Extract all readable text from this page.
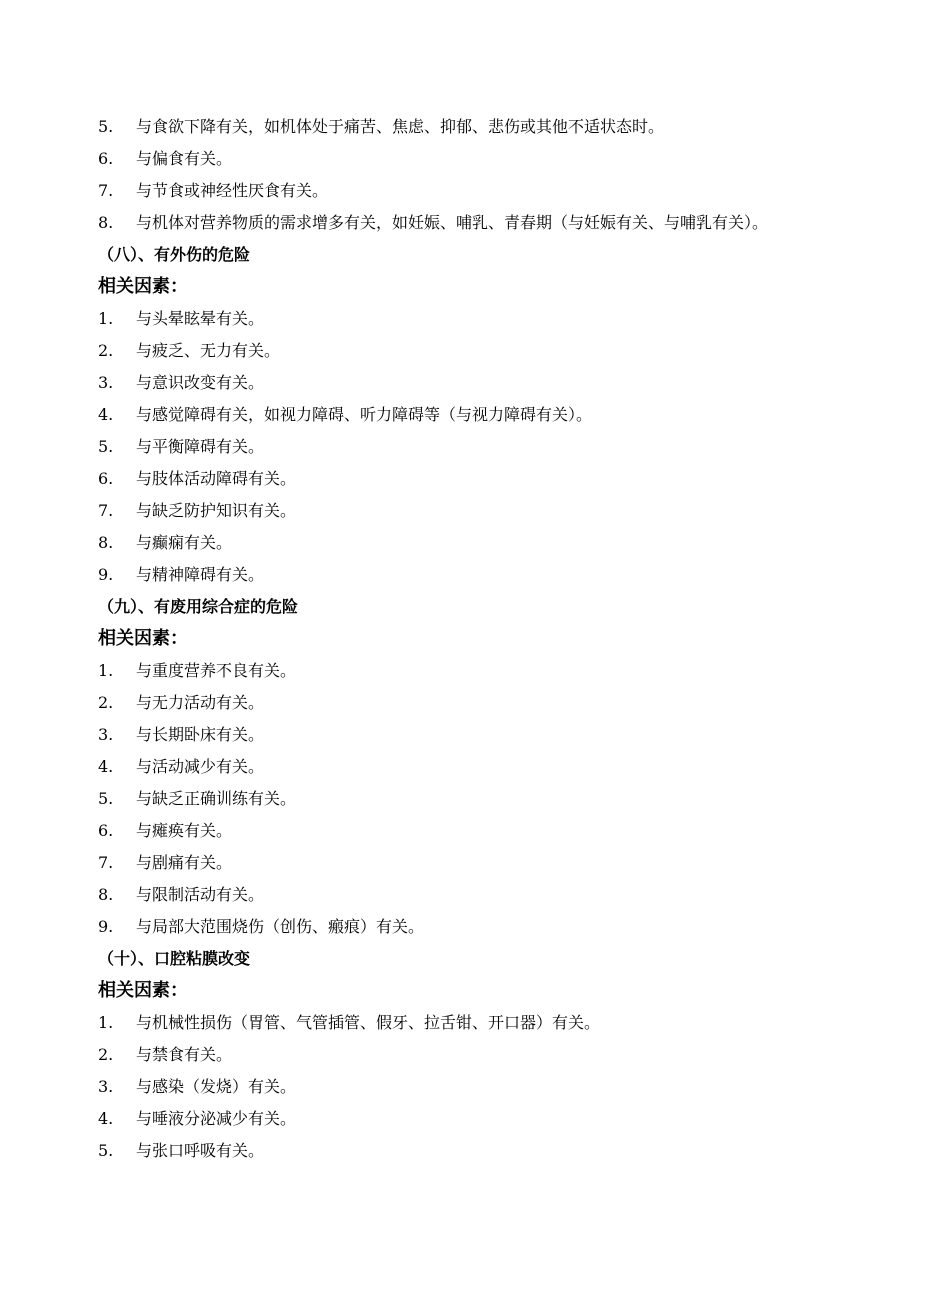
5.	与食欲下降有关，如机体处于痛苦、焦虑、抑郁、悲伤或其他不适状态时。
6.	与偏食有关。
7.	与节食或神经性厌食有关。
8.	与机体对营养物质的需求增多有关，如妊娠、哺乳、青春期（与妊娠有关、与哺乳有关）。
（八）、有外伤的危险
相关因素：
1.	与头晕眩晕有关。
2.	与疲乏、无力有关。
3.	与意识改变有关。
4.	与感觉障碍有关，如视力障碍、听力障碍等（与视力障碍有关）。
5.	与平衡障碍有关。
6.	与肢体活动障碍有关。
7.	与缺乏防护知识有关。
8.	与癫痫有关。
9.	与精神障碍有关。
（九）、有废用综合症的危险
相关因素：
1.	与重度营养不良有关。
2.	与无力活动有关。
3.	与长期卧床有关。
4.	与活动减少有关。
5.	与缺乏正确训练有关。
6.	与瘫痪有关。
7.	与剧痛有关。
8.	与限制活动有关。
9.	与局部大范围烧伤（创伤、瘢痕）有关。
（十）、口腔粘膜改变
相关因素：
1.	与机械性损伤（胃管、气管插管、假牙、拉舌钳、开口器）有关。
2.	与禁食有关。
3.	与感染（发烧）有关。
4.	与唾液分泌减少有关。
5.	与张口呼吸有关。
